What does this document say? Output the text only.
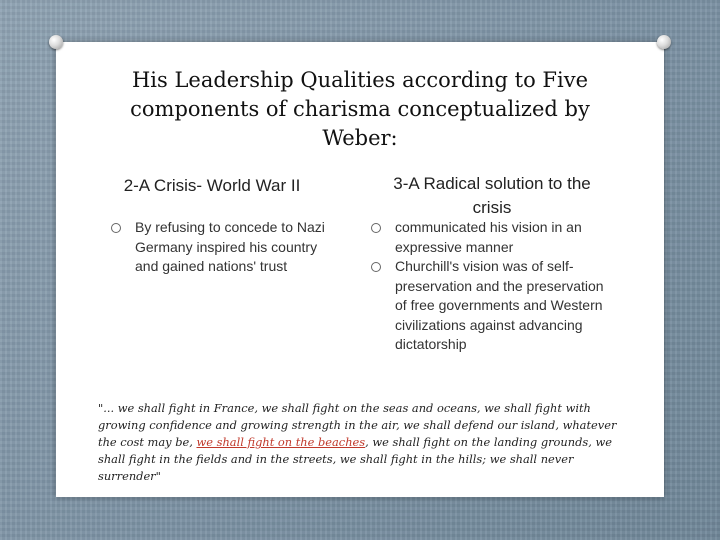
His Leadership Qualities according to Five components of charisma conceptualized by Weber:
2-A Crisis- World War II
By refusing to concede to Nazi Germany inspired his country and gained nations' trust
3-A Radical solution to the crisis
communicated his vision in an expressive manner
Churchill's vision was of self-preservation and the preservation of free governments and Western civilizations against advancing dictatorship
"... we shall fight in France, we shall fight on the seas and oceans, we shall fight with growing confidence and growing strength in the air, we shall defend our island, whatever the cost may be, we shall fight on the beaches, we shall fight on the landing grounds, we shall fight in the fields and in the streets, we shall fight in the hills; we shall never surrender"
